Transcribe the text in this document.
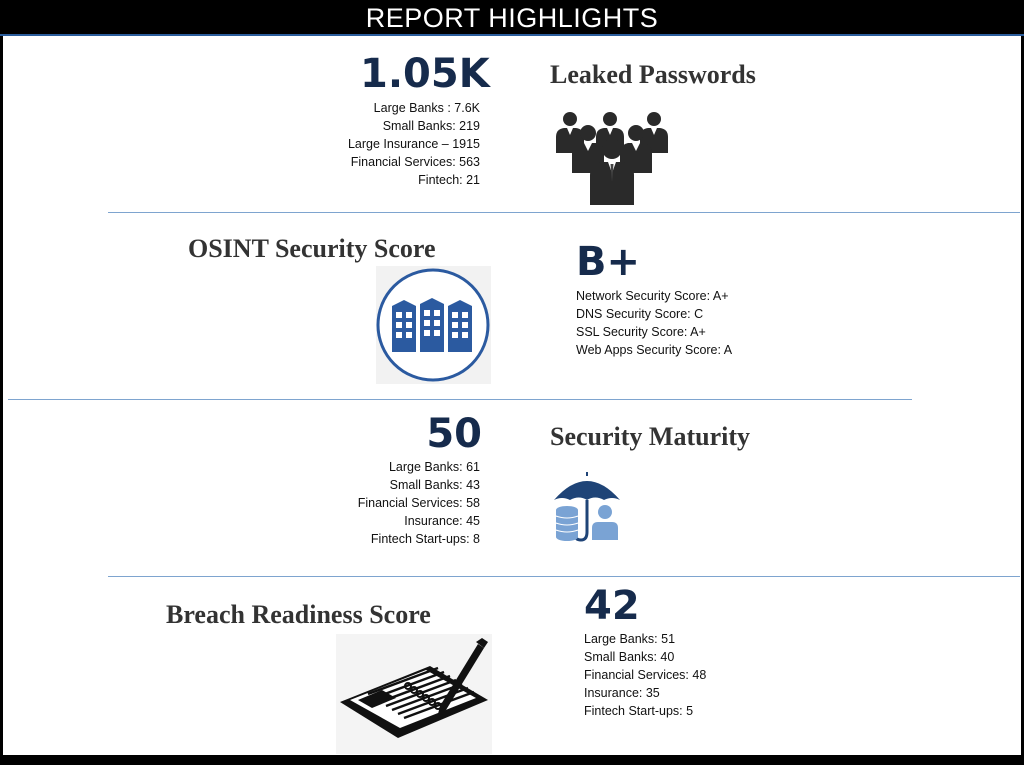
REPORT HIGHLIGHTS
1.05K
Large Banks : 7.6K
Small Banks: 219
Large Insurance – 1915
Financial Services: 563
Fintech: 21
Leaked Passwords
OSINT Security Score	B+
Network Security Score: A+
DNS Security Score: C
SSL Security Score: A+
Web Apps Security Score: A
50
Large Banks: 61
Small Banks: 43
Financial Services: 58
Insurance: 45
Fintech Start-ups: 8
Security Maturity
Breach Readiness Score	42
Large Banks: 51
Small Banks: 40
Financial Services: 48
Insurance: 35
Fintech Start-ups: 5
